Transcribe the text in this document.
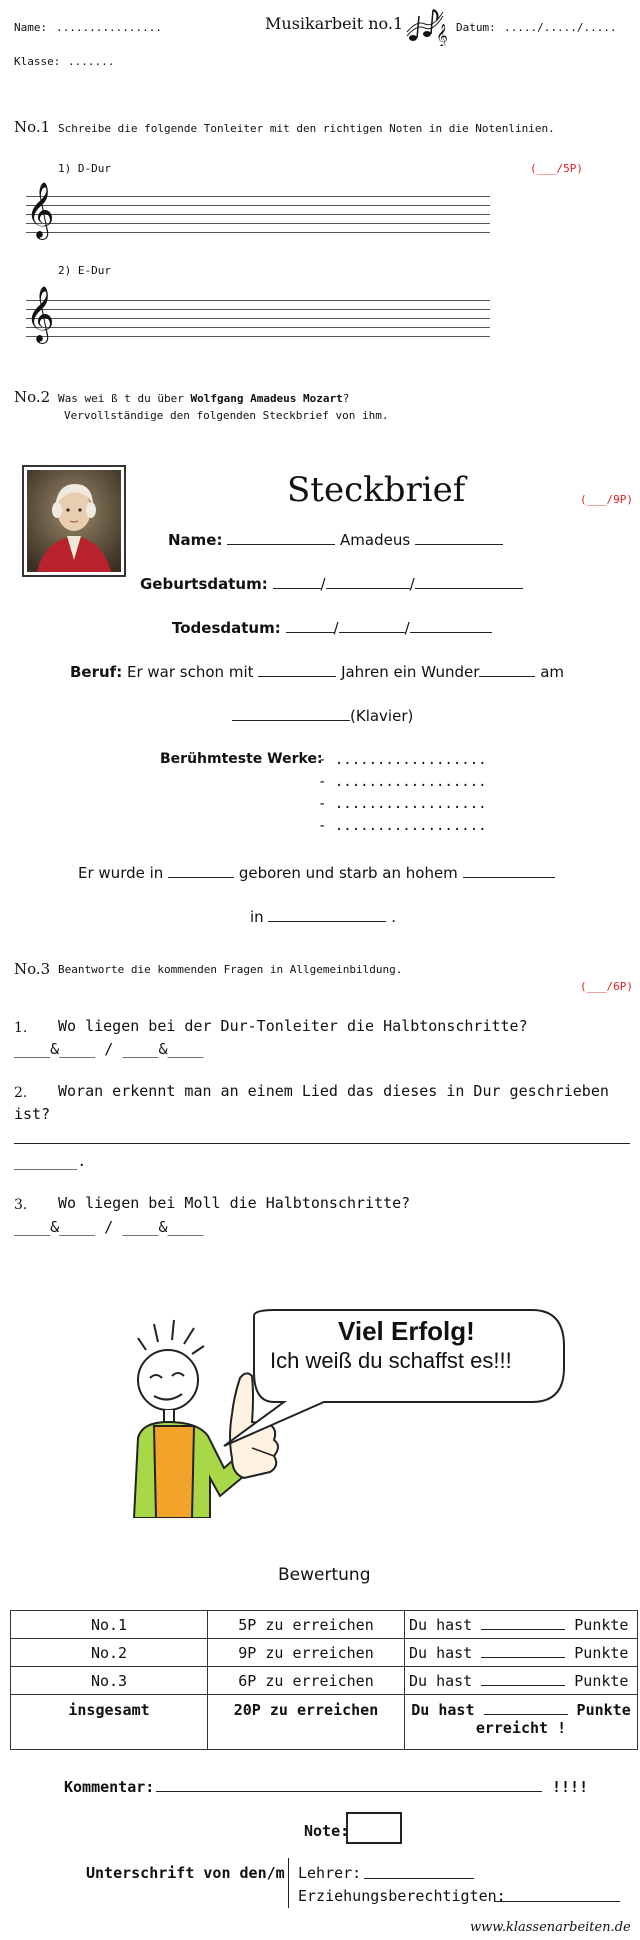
Name: ................	Musikarbeit no.1 𝄞 Datum: ...../...../.....
Klasse: .......
No.1 Schreibe die folgende Tonleiter mit den richtigen Noten in die Notenlinien.
1) D-Dur	(___/5P)
𝄞
2) E-Dur
𝄞
No.2 Was wei ß t du über Wolfgang Amadeus Mozart?
Vervollständige den folgenden Steckbrief von ihm.
Steckbrief	(___/9P)
Name:	Amadeus
Geburtsdatum:	/	/
Todesdatum:	/	/
Beruf: Er war schon mit	Jahren ein Wunder	am
(Klavier)
Berühmteste Werke:
- ..................
- ..................
- ..................
- ..................
Er wurde in	geboren und starb an hohem
in	.
No.3 Beantworte die kommenden Fragen in Allgemeinbildung.
(___/6P)
1. Wo liegen bei der Dur-Tonleiter die Halbtonschritte?
____&____ / ____&____
2. Woran erkennt man an einem Lied das dieses in Dur geschrieben
ist?
_______.
3. Wo liegen bei Moll die Halbtonschritte?
____&____ / ____&____
Viel Erfolg!
Ich weiß du schaffst es!!!
Bewertung
No.1	5P zu erreichen	Du hast Punkte
No.2	9P zu erreichen	Du hast Punkte
No.3	6P zu erreichen	Du hast Punkte
insgesamt	20P zu erreichen	Du hast Punkte
erreicht !
Kommentar:	!!!!
Note:
Unterschrift von den/m Lehrer:
Erziehungsberechtigten:
www.klassenarbeiten.de
